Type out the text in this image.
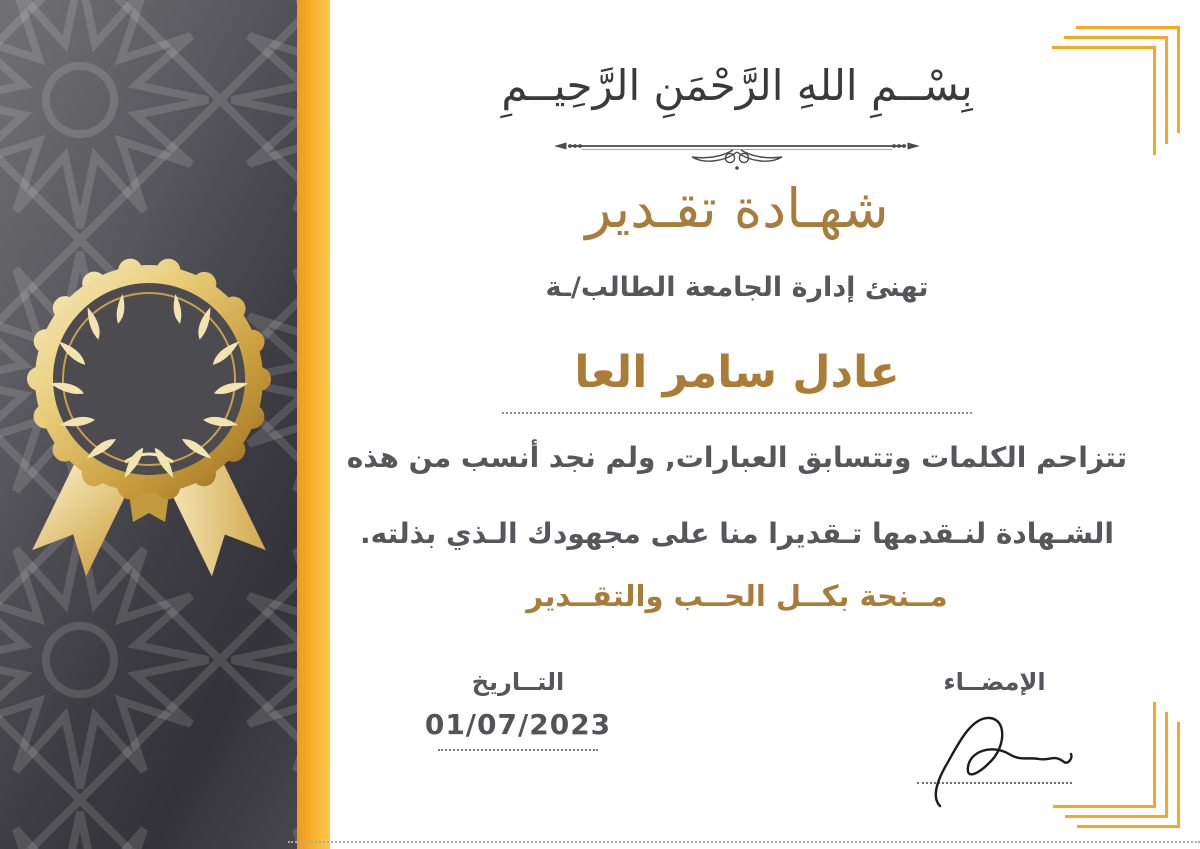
بِسْــمِ اللهِ الرَّحْمَنِ الرَّحِيــمِ
شهـادة تقـدير
تهنئ إدارة الجامعة الطالب/ـة
عادل سامر العا
تتزاحم الكلمات وتتسابق العبارات, ولم نجد أنسب من هذه
الشـهادة لنـقدمها تـقديرا منا على مجهودك الـذي بذلته.
مــنحة بكــل الحــب والتقــدير
التــاريخ
01/07/2023
الإمضــاء
